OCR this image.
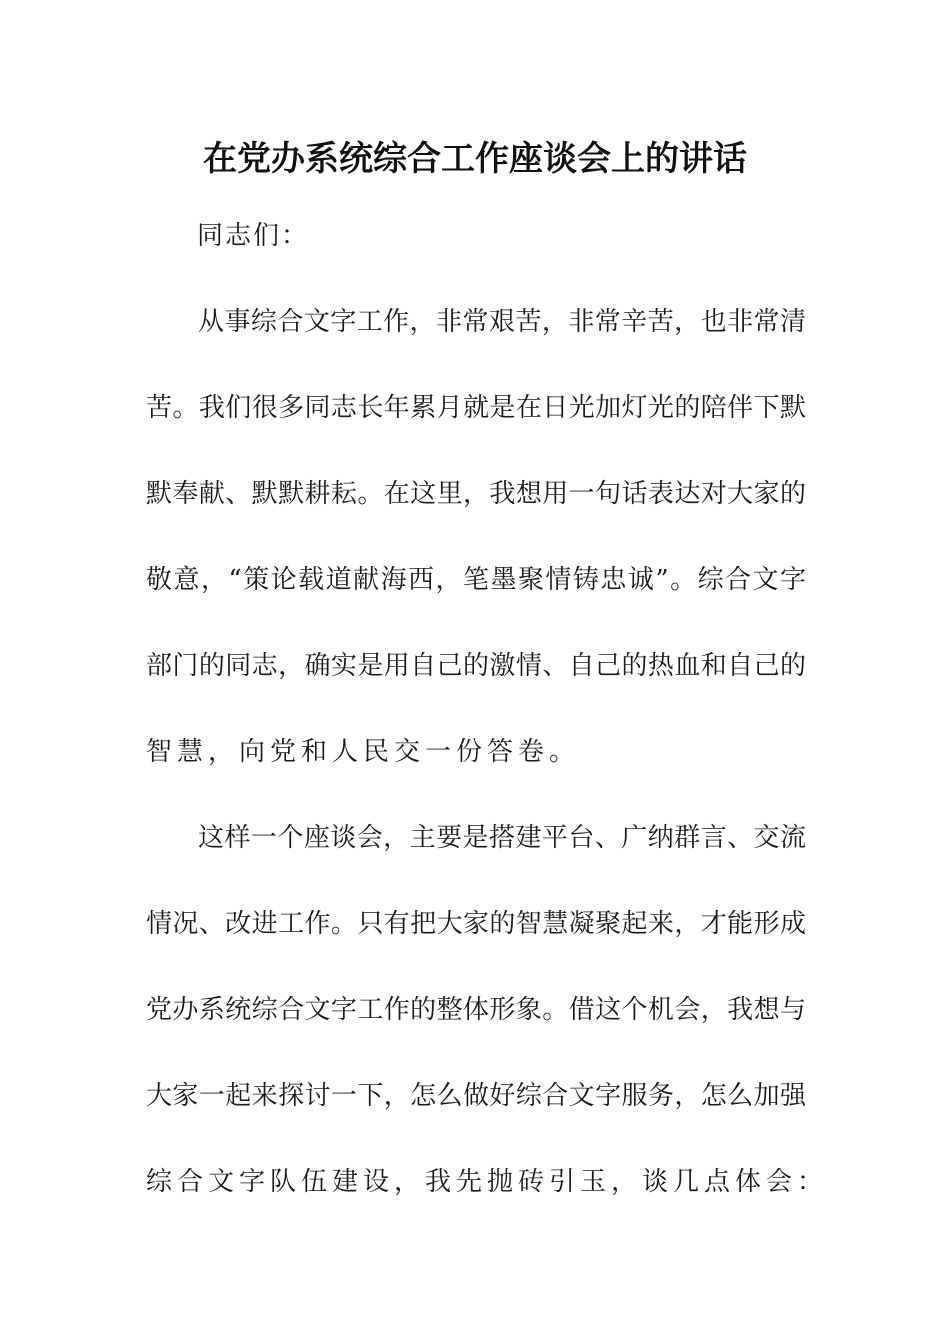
在党办系统综合工作座谈会上的讲话
同志们：
从事综合文字工作，非常艰苦，非常辛苦，也非常清
苦。我们很多同志长年累月就是在日光加灯光的陪伴下默
默奉献、默默耕耘。在这里，我想用一句话表达对大家的
敬意，“策论载道献海西，笔墨聚情铸忠诚”。综合文字
部门的同志，确实是用自己的激情、自己的热血和自己的
智慧，向党和人民交一份答卷。
这样一个座谈会，主要是搭建平台、广纳群言、交流
情况、改进工作。只有把大家的智慧凝聚起来，才能形成
党办系统综合文字工作的整体形象。借这个机会，我想与
大家一起来探讨一下，怎么做好综合文字服务，怎么加强
综合文字队伍建设，我先抛砖引玉，谈几点体会：
